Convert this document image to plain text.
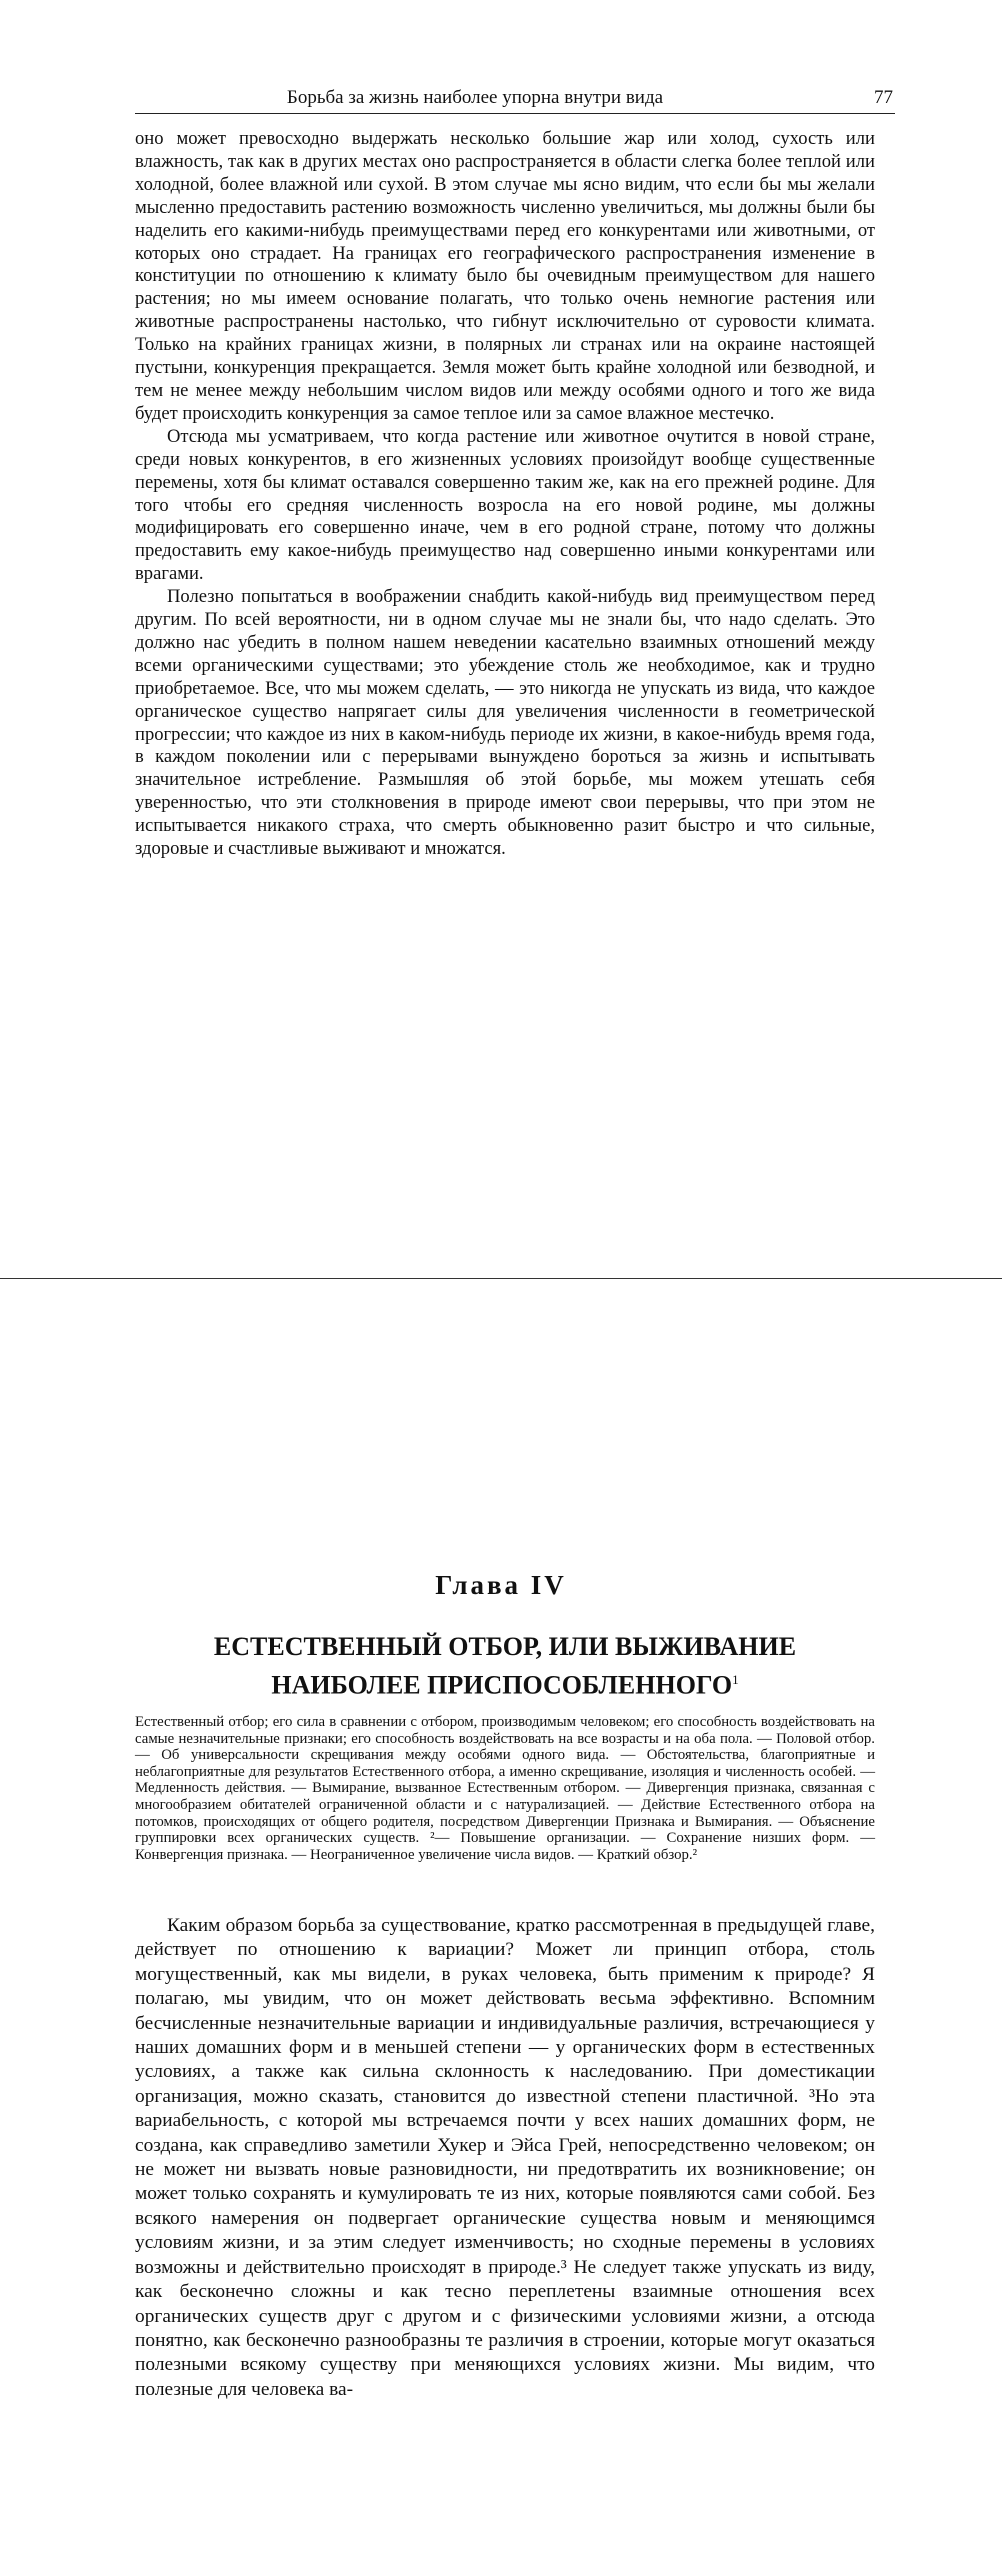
Борьба за жизнь наиболее упорна внутри вида	77

оно может превосходно выдержать несколько большие жар или холод, сухость или влажность, так как в других местах оно распространяется в области слегка более теплой или холодной, более влажной или сухой. В этом случае мы ясно видим, что если бы мы желали мысленно предоставить растению возможность численно увеличиться, мы должны были бы наделить его какими-нибудь преимуществами перед его конкурентами или животными, от которых оно страдает. На границах его географического распространения изменение в конституции по отношению к климату было бы очевидным преимуществом для нашего растения; но мы имеем основание полагать, что только очень немногие растения или животные распространены настолько, что гибнут исключительно от суровости климата. Только на крайних границах жизни, в полярных ли странах или на окраине настоящей пустыни, конкуренция прекращается. Земля может быть крайне холодной или безводной, и тем не менее между небольшим числом видов или между особями одного и того же вида будет происходить конкуренция за самое теплое или за самое влажное местечко.

Отсюда мы усматриваем, что когда растение или животное очутится в новой стране, среди новых конкурентов, в его жизненных условиях произойдут вообще существенные перемены, хотя бы климат оставался совершенно таким же, как на его прежней родине. Для того чтобы его средняя численность возросла на его новой родине, мы должны модифицировать его совершенно иначе, чем в его родной стране, потому что должны предоставить ему какое-нибудь преимущество над совершенно иными конкурентами или врагами.

Полезно попытаться в воображении снабдить какой-нибудь вид преимуществом перед другим. По всей вероятности, ни в одном случае мы не знали бы, что надо сделать. Это должно нас убедить в полном нашем неведении касательно взаимных отношений между всеми органическими существами; это убеждение столь же необходимое, как и трудно приобретаемое. Все, что мы можем сделать, — это никогда не упускать из вида, что каждое органическое существо напрягает силы для увеличения численности в геометрической прогрессии; что каждое из них в каком-нибудь периоде их жизни, в какое-нибудь время года, в каждом поколении или с перерывами вынуждено бороться за жизнь и испытывать значительное истребление. Размышляя об этой борьбе, мы можем утешать себя уверенностью, что эти столкновения в природе имеют свои перерывы, что при этом не испытывается никакого страха, что смерть обыкновенно разит быстро и что сильные, здоровые и счастливые выживают и множатся.

Глава IV
ЕСТЕСТВЕННЫЙ ОТБОР, ИЛИ ВЫЖИВАНИЕ
НАИБОЛЕЕ ПРИСПОСОБЛЕННОГО$^1$
Естественный отбор; его сила в сравнении с отбором, производимым человеком; его способность воздействовать на самые незначительные признаки; его способность воздействовать на все возрасты и на оба пола. — Половой отбор. — Об универсальности скрещивания между особями одного вида. — Обстоятельства, благоприятные и неблагоприятные для результатов Естественного отбора, а именно скрещивание, изоляция и численность особей. — Медленность действия. — Вымирание, вызванное Естественным отбором. — Дивергенция признака, связанная с многообразием обитателей ограниченной области и с натурализацией. — Действие Естественного отбора на потомков, происходящих от общего родителя, посредством Дивергенции Признака и Вымирания. — Объяснение группировки всех органических существ. ²— Повышение организации. — Сохранение низших форм. — Конвергенция признака. — Неограниченное увеличение числа видов. — Краткий обзор.²

Каким образом борьба за существование, кратко рассмотренная в предыдущей главе, действует по отношению к вариации? Может ли принцип отбора, столь могущественный, как мы видели, в руках человека, быть применим к природе? Я полагаю, мы увидим, что он может действовать весьма эффективно. Вспомним бесчисленные незначительные вариации и индивидуальные различия, встречающиеся у наших домашних форм и в меньшей степени — у органических форм в естественных условиях, а также как сильна склонность к наследованию. При доместикации организация, можно сказать, становится до известной степени пластичной. ³Но эта вариабельность, с которой мы встречаемся почти у всех наших домашних форм, не создана, как справедливо заметили Хукер и Эйса Грей, непосредственно человеком; он не может ни вызвать новые разновидности, ни предотвратить их возникновение; он может только сохранять и кумулировать те из них, которые появляются сами собой. Без всякого намерения он подвергает органические существа новым и меняющимся условиям жизни, и за этим следует изменчивость; но сходные перемены в условиях возможны и действительно происходят в природе.³ Не следует также упускать из виду, как бесконечно сложны и как тесно переплетены взаимные отношения всех органических существ друг с другом и с физическими условиями жизни, а отсюда понятно, как бесконечно разнообразны те различия в строении, которые могут оказаться полезными всякому существу при меняющихся условиях жизни. Мы видим, что полезные для человека ва-
